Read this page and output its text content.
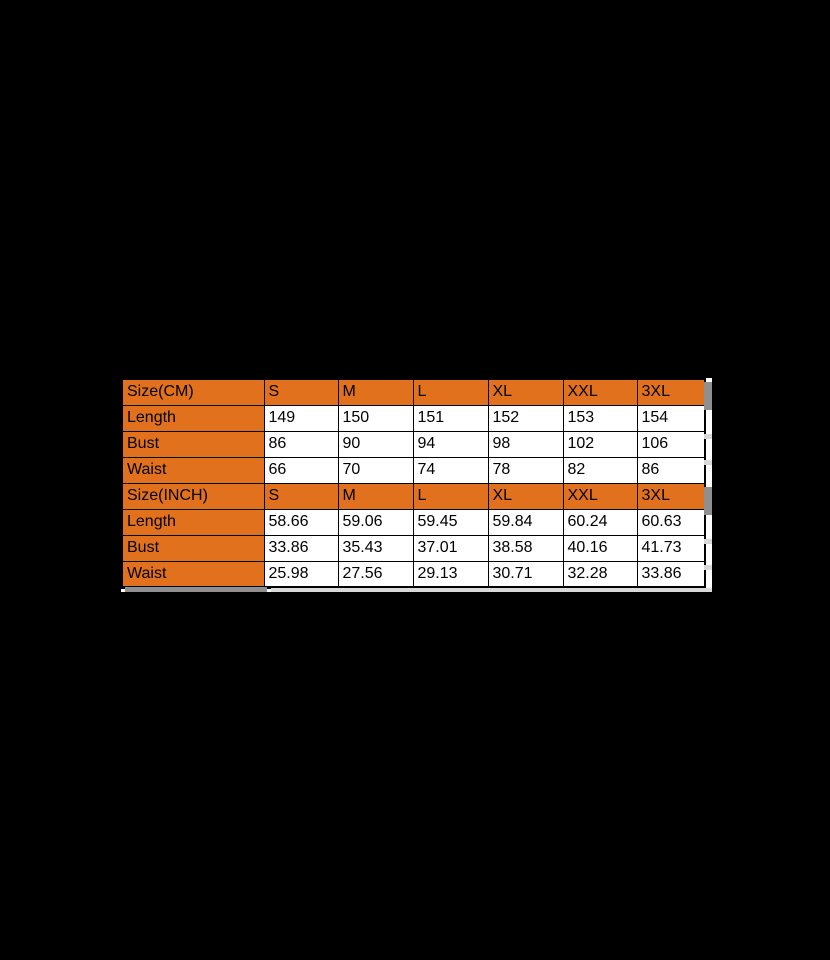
Size(CM)	S	M	L	XL	XXL	3XL
Length	149	150	151	152	153	154
Bust	86	90	94	98	102	106
Waist	66	70	74	78	82	86
Size(INCH)	S	M	L	XL	XXL	3XL
Length	58.66	59.06	59.45	59.84	60.24	60.63
Bust	33.86	35.43	37.01	38.58	40.16	41.73
Waist	25.98	27.56	29.13	30.71	32.28	33.86
